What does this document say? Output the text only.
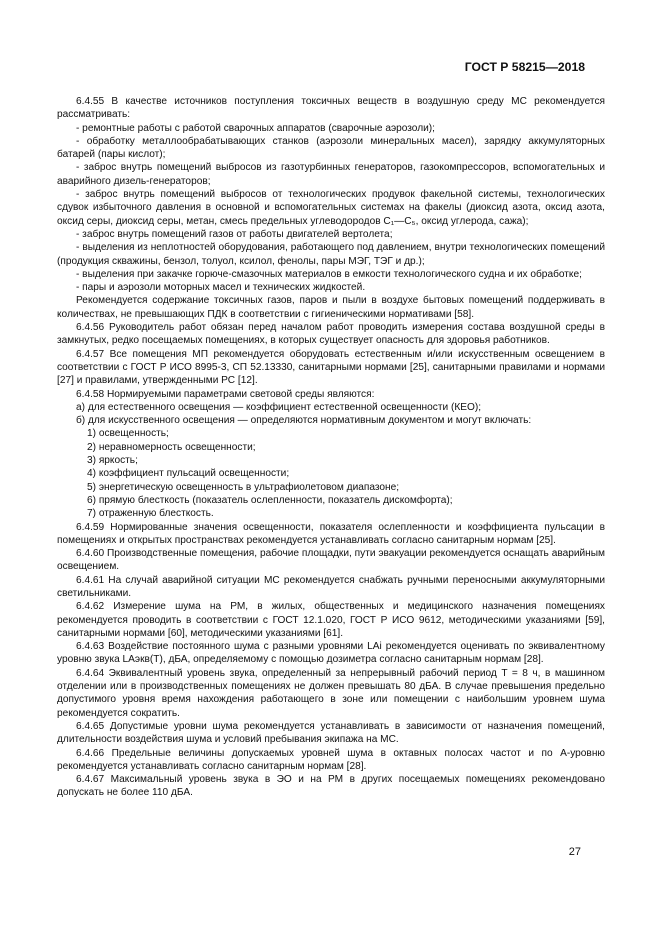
ГОСТ Р 58215—2018

6.4.55 В качестве источников поступления токсичных веществ в воздушную среду МС рекомендуется рассматривать:

- ремонтные работы с работой сварочных аппаратов (сварочные аэрозоли);

- обработку металлообрабатывающих станков (аэрозоли минеральных масел), зарядку аккумуляторных батарей (пары кислот);

- заброс внутрь помещений выбросов из газотурбинных генераторов, газокомпрессоров, вспомогательных и аварийного дизель-генераторов;

- заброс внутрь помещений выбросов от технологических продувок факельной системы, технологических сдувок избыточного давления в основной и вспомогательных системах на факелы (диоксид азота, оксид азота, оксид серы, диоксид серы, метан, смесь предельных углеводородов C₁—C₅, оксид углерода, сажа);

- заброс внутрь помещений газов от работы двигателей вертолета;

- выделения из неплотностей оборудования, работающего под давлением, внутри технологических помещений (продукция скважины, бензол, толуол, ксилол, фенолы, пары МЭГ, ТЭГ и др.);

- выделения при закачке горюче-смазочных материалов в емкости технологического судна и их обработке;

- пары и аэрозоли моторных масел и технических жидкостей.

Рекомендуется содержание токсичных газов, паров и пыли в воздухе бытовых помещений поддерживать в количествах, не превышающих ПДК в соответствии с гигиеническими нормативами [58].

6.4.56 Руководитель работ обязан перед началом работ проводить измерения состава воздушной среды в замкнутых, редко посещаемых помещениях, в которых существует опасность для здоровья работников.

6.4.57 Все помещения МП рекомендуется оборудовать естественным и/или искусственным освещением в соответствии с ГОСТ Р ИСО 8995-3, СП 52.13330, санитарными нормами [25], санитарными правилами и нормами [27] и правилами, утвержденными РС [12].

6.4.58 Нормируемыми параметрами световой среды являются:

а) для естественного освещения — коэффициент естественной освещенности (КЕО);

б) для искусственного освещения — определяются нормативным документом и могут включать:

1) освещенность;

2) неравномерность освещенности;

3) яркость;

4) коэффициент пульсаций освещенности;

5) энергетическую освещенность в ультрафиолетовом диапазоне;

6) прямую блесткость (показатель ослепленности, показатель дискомфорта);

7) отраженную блесткость.

6.4.59 Нормированные значения освещенности, показателя ослепленности и коэффициента пульсации в помещениях и открытых пространствах рекомендуется устанавливать согласно санитарным нормам [25].

6.4.60 Производственные помещения, рабочие площадки, пути эвакуации рекомендуется оснащать аварийным освещением.

6.4.61 На случай аварийной ситуации МС рекомендуется снабжать ручными переносными аккумуляторными светильниками.

6.4.62 Измерение шума на РМ, в жилых, общественных и медицинского назначения помещениях рекомендуется проводить в соответствии с ГОСТ 12.1.020, ГОСТ Р ИСО 9612, методическими указаниями [59], санитарными нормами [60], методическими указаниями [61].

6.4.63 Воздействие постоянного шума с разными уровнями LAi рекомендуется оценивать по эквивалентному уровню звука LAэкв(T), дБА, определяемому с помощью дозиметра согласно санитарным нормам [28].

6.4.64 Эквивалентный уровень звука, определенный за непрерывный рабочий период T = 8 ч, в машинном отделении или в производственных помещениях не должен превышать 80 дБА. В случае превышения предельно допустимого уровня время нахождения работающего в зоне или помещении с наибольшим уровнем шума рекомендуется сократить.

6.4.65 Допустимые уровни шума рекомендуется устанавливать в зависимости от назначения помещений, длительности воздействия шума и условий пребывания экипажа на МС.

6.4.66 Предельные величины допускаемых уровней шума в октавных полосах частот и по А-уровню рекомендуется устанавливать согласно санитарным нормам [28].

6.4.67 Максимальный уровень звука в ЭО и на РМ в других посещаемых помещениях рекомендовано допускать не более 110 дБА.

27
